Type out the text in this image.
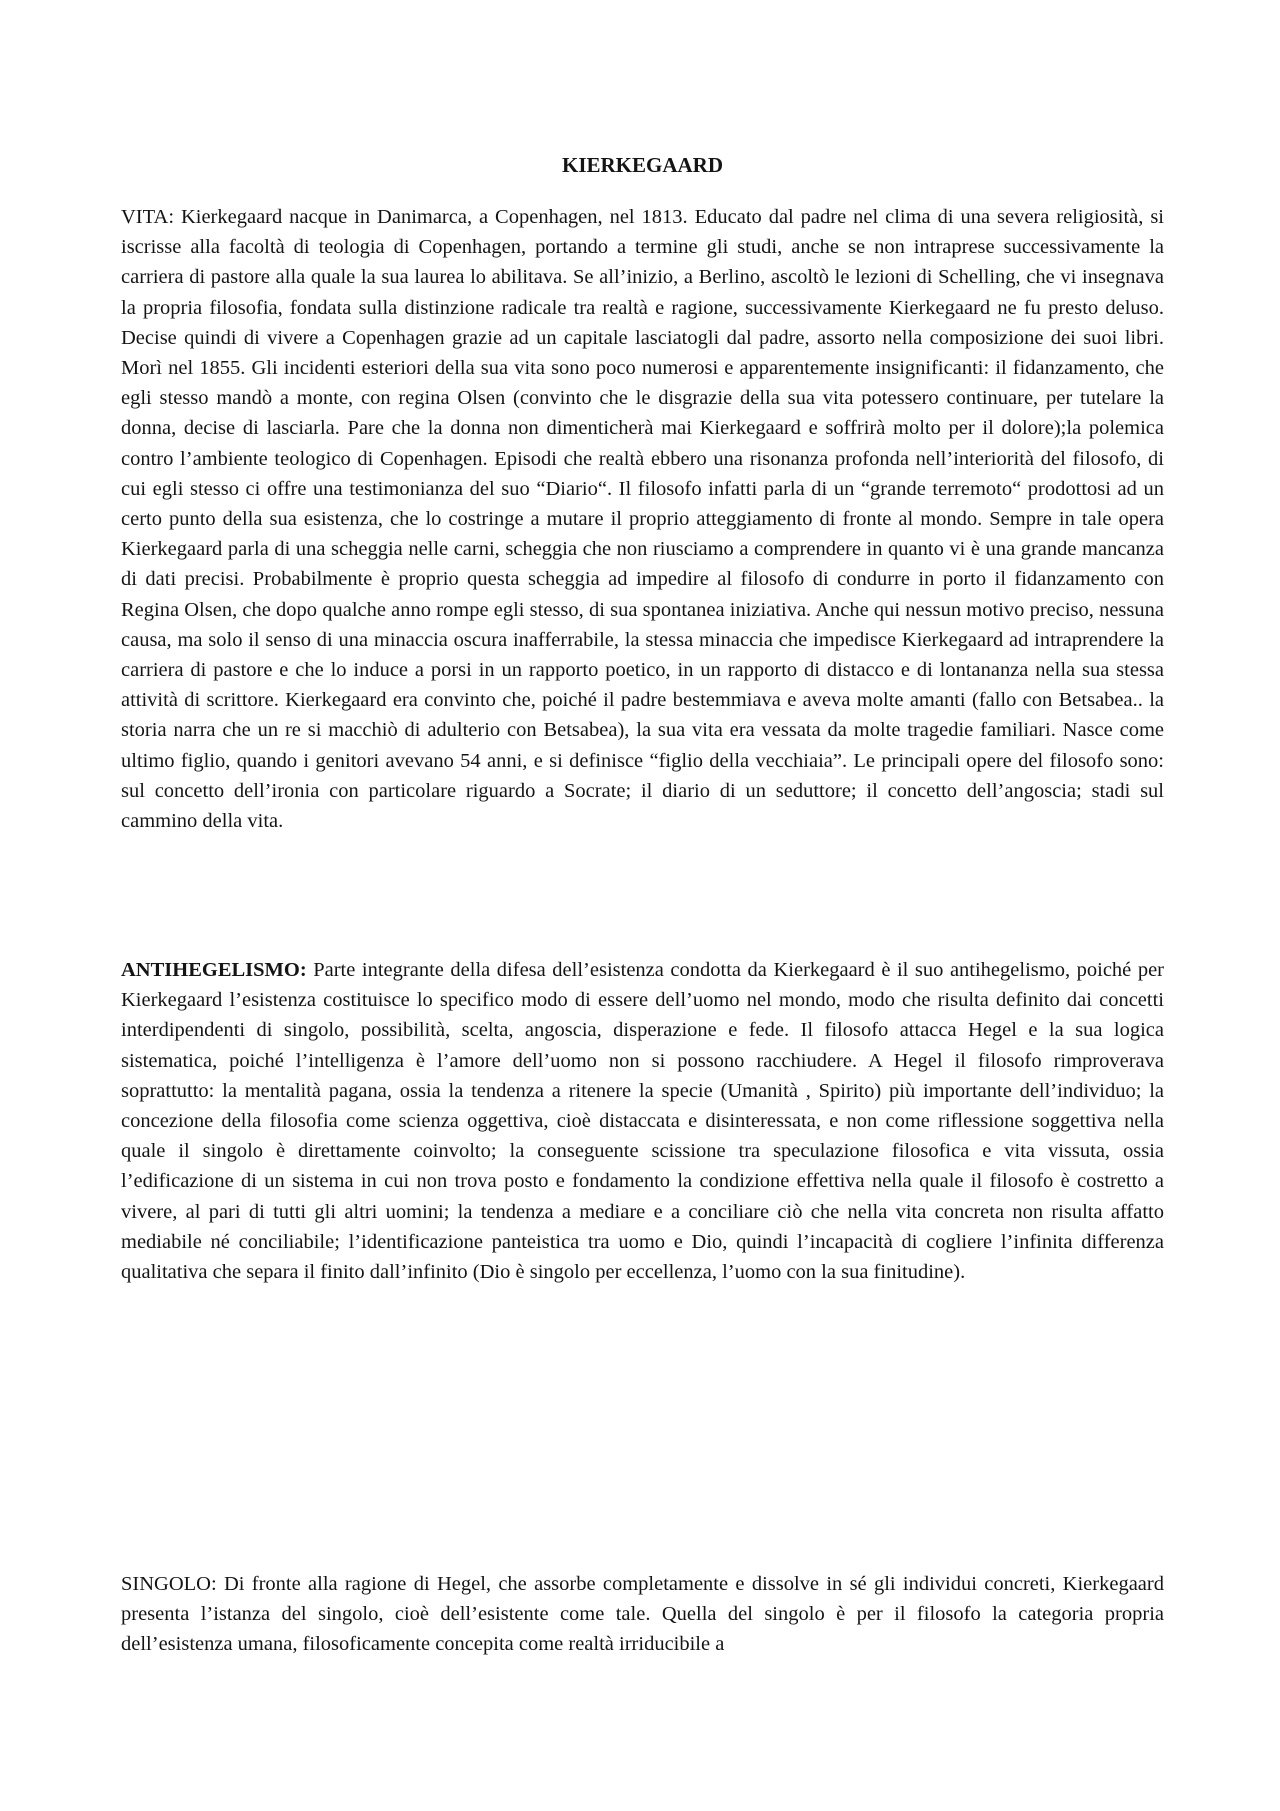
KIERKEGAARD

VITA: Kierkegaard nacque in Danimarca, a Copenhagen, nel 1813. Educato dal padre nel clima di una severa religiosità, si iscrisse alla facoltà di teologia di Copenhagen, portando a termine gli studi, anche se non intraprese successivamente la carriera di pastore alla quale la sua laurea lo abilitava. Se all’inizio, a Berlino, ascoltò le lezioni di Schelling, che vi insegnava la propria filosofia, fondata sulla distinzione radicale tra realtà e ragione, successivamente Kierkegaard ne fu presto deluso. Decise quindi di vivere a Copenhagen grazie ad un capitale lasciatogli dal padre, assorto nella composizione dei suoi libri. Morì nel 1855. Gli incidenti esteriori della sua vita sono poco numerosi e apparentemente insignificanti: il fidanzamento, che egli stesso mandò a monte, con regina Olsen (convinto che le disgrazie della sua vita potessero continuare, per tutelare la donna, decise di lasciarla. Pare che la donna non dimenticherà mai Kierkegaard e soffrirà molto per il dolore);la polemica contro l’ambiente teologico di Copenhagen. Episodi che realtà ebbero una risonanza profonda nell’interiorità del filosofo, di cui egli stesso ci offre una testimonianza del suo “Diario“. Il filosofo infatti parla di un “grande terremoto“ prodottosi ad un certo punto della sua esistenza, che lo costringe a mutare il proprio atteggiamento di fronte al mondo. Sempre in tale opera Kierkegaard parla di una scheggia nelle carni, scheggia che non riusciamo a comprendere in quanto vi è una grande mancanza di dati precisi. Probabilmente è proprio questa scheggia ad impedire al filosofo di condurre in porto il fidanzamento con Regina Olsen, che dopo qualche anno rompe egli stesso, di sua spontanea iniziativa. Anche qui nessun motivo preciso, nessuna causa, ma solo il senso di una minaccia oscura inafferrabile, la stessa minaccia che impedisce Kierkegaard ad intraprendere la carriera di pastore e che lo induce a porsi in un rapporto poetico, in un rapporto di distacco e di lontananza nella sua stessa attività di scrittore. Kierkegaard era convinto che, poiché il padre bestemmiava e aveva molte amanti (fallo con Betsabea.. la storia narra che un re si macchiò di adulterio con Betsabea), la sua vita era vessata da molte tragedie familiari. Nasce come ultimo figlio, quando i genitori avevano 54 anni, e si definisce “figlio della vecchiaia”. Le principali opere del filosofo sono: sul concetto dell’ironia con particolare riguardo a Socrate; il diario di un seduttore; il concetto dell’angoscia; stadi sul cammino della vita.

ANTIHEGELISMO: Parte integrante della difesa dell’esistenza condotta da Kierkegaard è il suo antihegelismo, poiché per Kierkegaard l’esistenza costituisce lo specifico modo di essere dell’uomo nel mondo, modo che risulta definito dai concetti interdipendenti di singolo, possibilità, scelta, angoscia, disperazione e fede. Il filosofo attacca Hegel e la sua logica sistematica, poiché l’intelligenza è l’amore dell’uomo non si possono racchiudere. A Hegel il filosofo rimproverava soprattutto: la mentalità pagana, ossia la tendenza a ritenere la specie (Umanità , Spirito) più importante dell’individuo; la concezione della filosofia come scienza oggettiva, cioè distaccata e disinteressata, e non come riflessione soggettiva nella quale il singolo è direttamente coinvolto; la conseguente scissione tra speculazione filosofica e vita vissuta, ossia l’edificazione di un sistema in cui non trova posto e fondamento la condizione effettiva nella quale il filosofo è costretto a vivere, al pari di tutti gli altri uomini; la tendenza a mediare e a conciliare ciò che nella vita concreta non risulta affatto mediabile né conciliabile; l’identificazione panteistica tra uomo e Dio, quindi l’incapacità di cogliere l’infinita differenza qualitativa che separa il finito dall’infinito (Dio è singolo per eccellenza, l’uomo con la sua finitudine).

SINGOLO: Di fronte alla ragione di Hegel, che assorbe completamente e dissolve in sé gli individui concreti, Kierkegaard presenta l’istanza del singolo, cioè dell’esistente come tale. Quella del singolo è per il filosofo la categoria propria dell’esistenza umana, filosoficamente concepita come realtà irriducibile a
